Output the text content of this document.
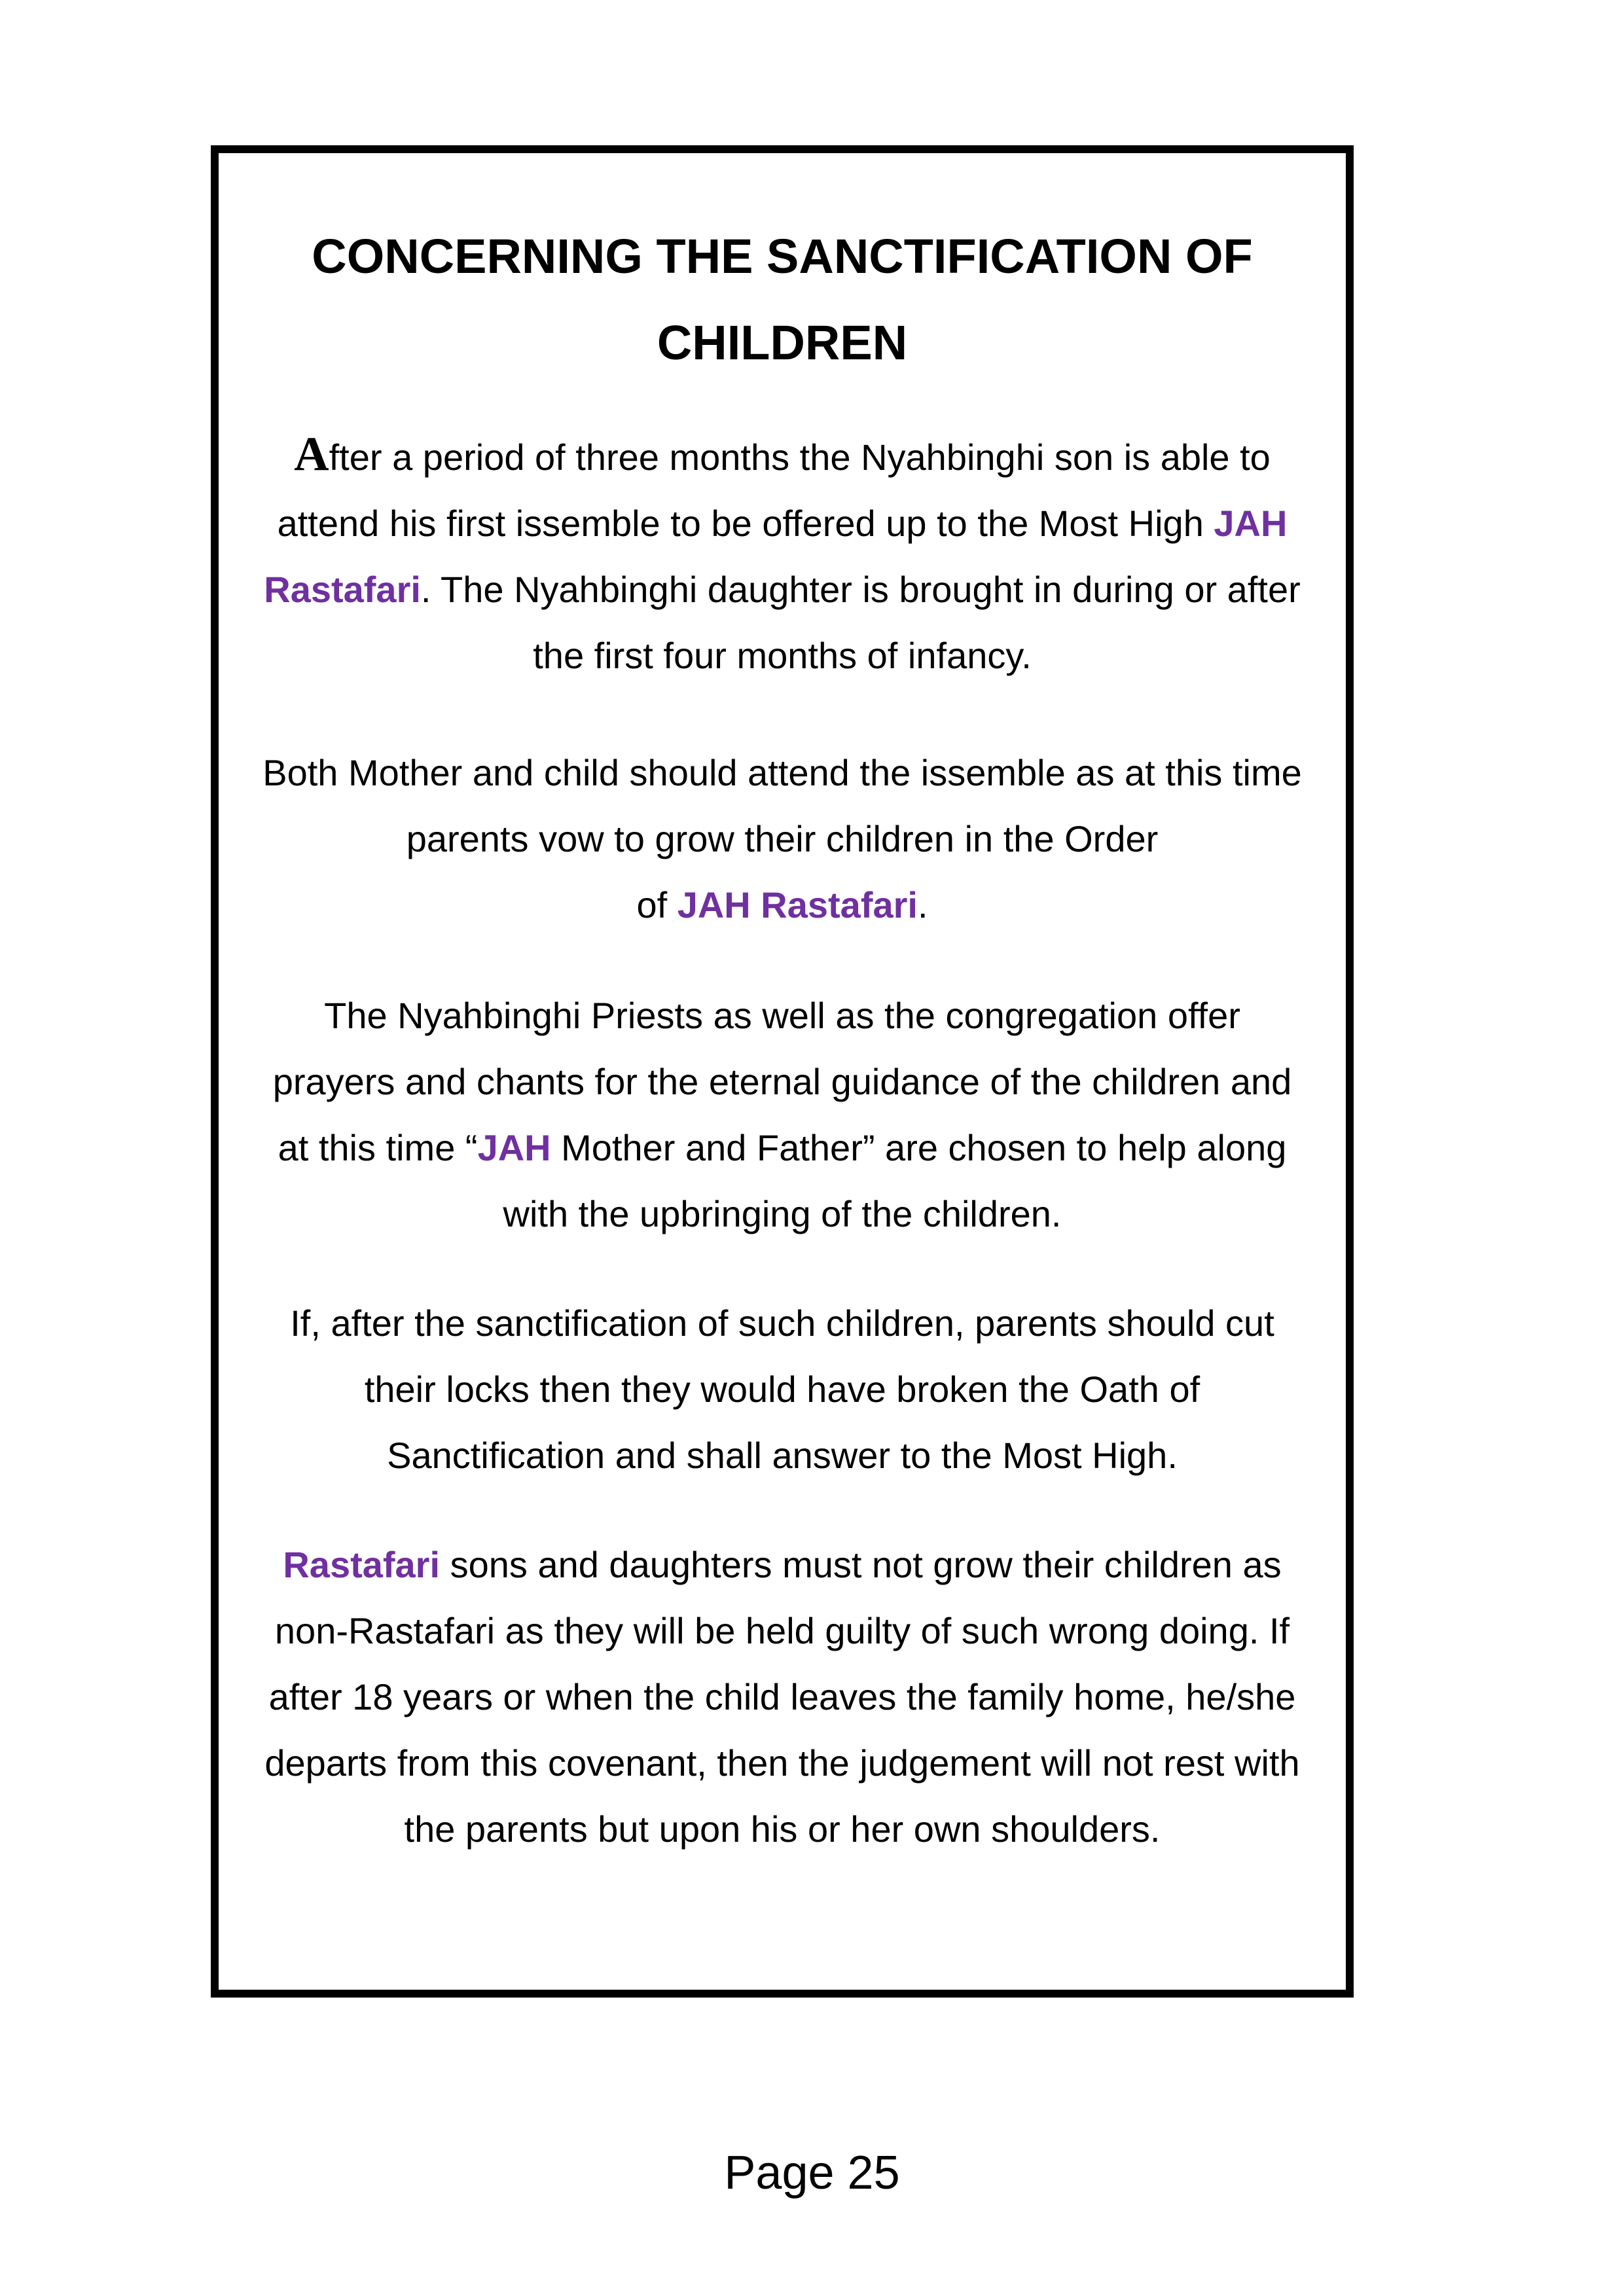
CONCERNING THE SANCTIFICATION OF
CHILDREN

After a period of three months the Nyahbinghi son is able to
attend his first issemble to be offered up to the Most High JAH
Rastafari. The Nyahbinghi daughter is brought in during or after
the first four months of infancy.

Both Mother and child should attend the issemble as at this time
parents vow to grow their children in the Order
of JAH Rastafari.

The Nyahbinghi Priests as well as the congregation offer
prayers and chants for the eternal guidance of the children and
at this time “JAH Mother and Father” are chosen to help along
with the upbringing of the children.

If, after the sanctification of such children, parents should cut
their locks then they would have broken the Oath of
Sanctification and shall answer to the Most High.

Rastafari sons and daughters must not grow their children as
non-Rastafari as they will be held guilty of such wrong doing. If
after 18 years or when the child leaves the family home, he/she
departs from this covenant, then the judgement will not rest with
the parents but upon his or her own shoulders.

Page 25
